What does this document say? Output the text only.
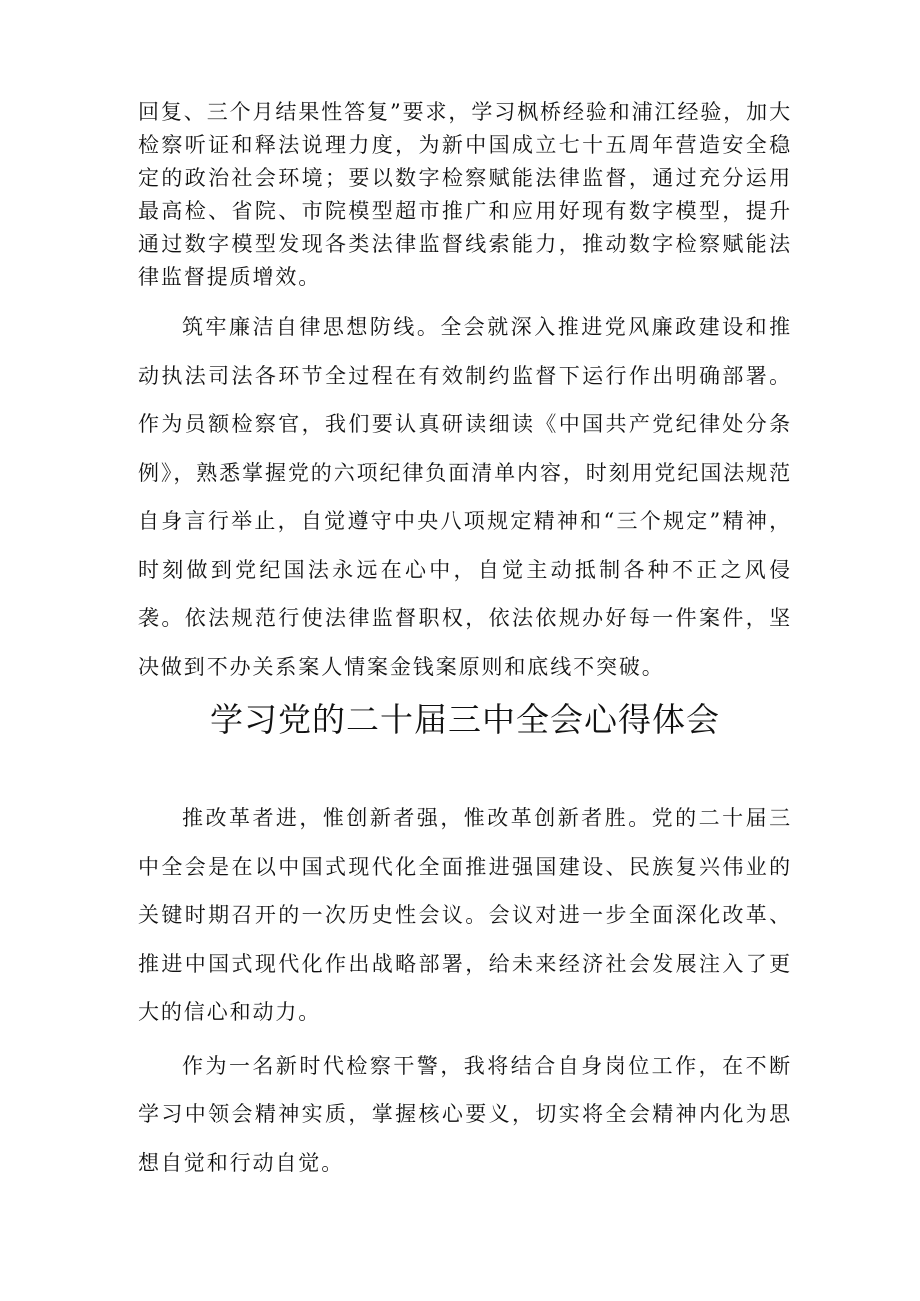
回复、三个月结果性答复”要求，学习枫桥经验和浦江经验，加大检察听证和释法说理力度，为新中国成立七十五周年营造安全稳定的政治社会环境；要以数字检察赋能法律监督，通过充分运用最高检、省院、市院模型超市推广和应用好现有数字模型，提升通过数字模型发现各类法律监督线索能力，推动数字检察赋能法律监督提质增效。

筑牢廉洁自律思想防线。全会就深入推进党风廉政建设和推动执法司法各环节全过程在有效制约监督下运行作出明确部署。作为员额检察官，我们要认真研读细读《中国共产党纪律处分条例》，熟悉掌握党的六项纪律负面清单内容，时刻用党纪国法规范自身言行举止，自觉遵守中央八项规定精神和“三个规定”精神，时刻做到党纪国法永远在心中，自觉主动抵制各种不正之风侵袭。依法规范行使法律监督职权，依法依规办好每一件案件，坚决做到不办关系案人情案金钱案原则和底线不突破。

学习党的二十届三中全会心得体会

推改革者进，惟创新者强，惟改革创新者胜。党的二十届三中全会是在以中国式现代化全面推进强国建设、民族复兴伟业的关键时期召开的一次历史性会议。会议对进一步全面深化改革、推进中国式现代化作出战略部署，给未来经济社会发展注入了更大的信心和动力。

作为一名新时代检察干警，我将结合自身岗位工作，在不断学习中领会精神实质，掌握核心要义，切实将全会精神内化为思想自觉和行动自觉。
